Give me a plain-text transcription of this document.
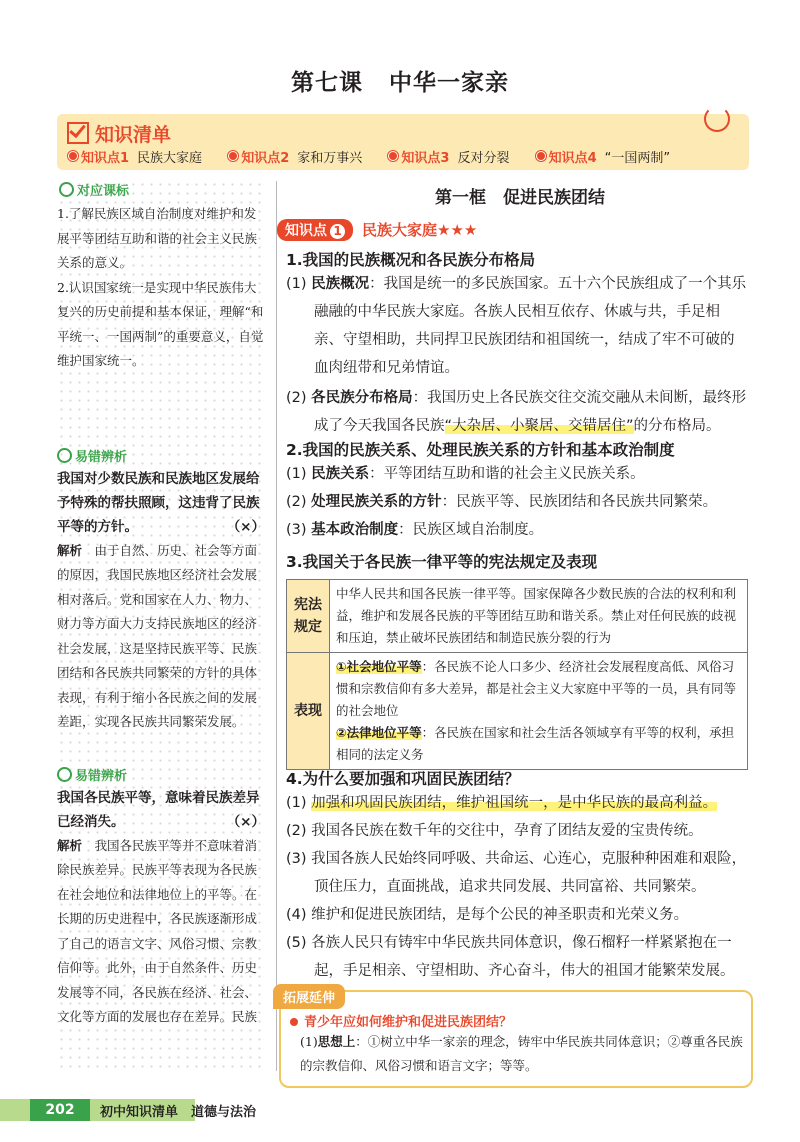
第七课 中华一家亲
知识清单
知识点1 民族大家庭	知识点2 家和万事兴	知识点3 反对分裂	知识点4 “一国两制”
对应课标
1.了解民族区域自治制度对维护和发展平等团结互助和谐的社会主义民族关系的意义。
2.认识国家统一是实现中华民族伟大复兴的历史前提和基本保证，理解“和平统一、一国两制”的重要意义，自觉维护国家统一。
易错辨析
我国对少数民族和民族地区发展给予特殊的帮扶照顾，这违背了民族平等的方针。	（×）
解析　 由于自然、历史、社会等方面的原因，我国民族地区经济社会发展相对落后。党和国家在人力、物力、财力等方面大力支持民族地区的经济社会发展，这是坚持民族平等、民族团结和各民族共同繁荣的方针的具体表现，有利于缩小各民族之间的发展差距，实现各民族共同繁荣发展。
易错辨析
我国各民族平等，意味着民族差异已经消失。	（×）
解析　 我国各民族平等并不意味着消除民族差异。民族平等表现为各民族在社会地位和法律地位上的平等。在长期的历史进程中，各民族逐渐形成了自己的语言文字、风俗习惯、宗教信仰等。此外，由于自然条件、历史发展等不同，各民族在经济、社会、文化等方面的发展也存在差异。民族
第一框　促进民族团结
知识点 1	民族大家庭★★★
1.我国的民族概况和各民族分布格局
(1) 民族概况：我国是统一的多民族国家。五十六个民族组成了一个其乐融融的中华民族大家庭。各族人民相互依存、休戚与共，手足相亲、守望相助，共同捍卫民族团结和祖国统一，结成了牢不可破的血肉纽带和兄弟情谊。
(2) 各民族分布格局：我国历史上各民族交往交流交融从未间断，最终形成了今天我国各民族“大杂居、小聚居、交错居住”的分布格局。
2.我国的民族关系、处理民族关系的方针和基本政治制度
(1) 民族关系：平等团结互助和谐的社会主义民族关系。
(2) 处理民族关系的方针：民族平等、民族团结和各民族共同繁荣。
(3) 基本政治制度：民族区域自治制度。
3.我国关于各民族一律平等的宪法规定及表现
宪法规定	中华人民共和国各民族一律平等。国家保障各少数民族的合法的权利和利益，维护和发展各民族的平等团结互助和谐关系。禁止对任何民族的歧视和压迫，禁止破坏民族团结和制造民族分裂的行为
表现	①社会地位平等：各民族不论人口多少、经济社会发展程度高低、风俗习惯和宗教信仰有多大差异，都是社会主义大家庭中平等的一员，具有同等的社会地位
②法律地位平等：各民族在国家和社会生活各领域享有平等的权利，承担相同的法定义务
4.为什么要加强和巩固民族团结？
(1) 加强和巩固民族团结，维护祖国统一，是中华民族的最高利益。
(2) 我国各民族在数千年的交往中，孕育了团结友爱的宝贵传统。
(3) 我国各族人民始终同呼吸、共命运、心连心，克服种种困难和艰险，顶住压力，直面挑战，追求共同发展、共同富裕、共同繁荣。
(4) 维护和促进民族团结，是每个公民的神圣职责和光荣义务。
(5) 各族人民只有铸牢中华民族共同体意识，像石榴籽一样紧紧抱在一起，手足相亲、守望相助、齐心奋斗，伟大的祖国才能繁荣发展。
拓展延伸
青少年应如何维护和促进民族团结？
(1)思想上：①树立中华一家亲的理念，铸牢中华民族共同体意识；②尊重各民族的宗教信仰、风俗习惯和语言文字；等等。
202	初中知识清单　 道德与法治
